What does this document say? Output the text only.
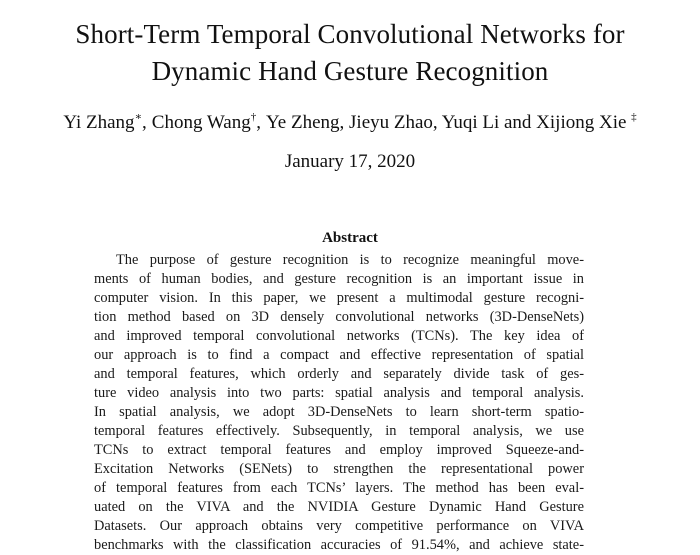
Short-Term Temporal Convolutional Networks for
Dynamic Hand Gesture Recognition
Yi Zhang∗, Chong Wang†, Ye Zheng, Jieyu Zhao, Yuqi Li and Xijiong Xie ‡
January 17, 2020
Abstract
The purpose of gesture recognition is to recognize meaningful move-
ments of human bodies, and gesture recognition is an important issue in
computer vision. In this paper, we present a multimodal gesture recogni-
tion method based on 3D densely convolutional networks (3D-DenseNets)
and improved temporal convolutional networks (TCNs). The key idea of
our approach is to find a compact and effective representation of spatial
and temporal features, which orderly and separately divide task of ges-
ture video analysis into two parts: spatial analysis and temporal analysis.
In spatial analysis, we adopt 3D-DenseNets to learn short-term spatio-
temporal features effectively. Subsequently, in temporal analysis, we use
TCNs to extract temporal features and employ improved Squeeze-and-
Excitation Networks (SENets) to strengthen the representational power
of temporal features from each TCNs’ layers. The method has been eval-
uated on the VIVA and the NVIDIA Gesture Dynamic Hand Gesture
Datasets. Our approach obtains very competitive performance on VIVA
benchmarks with the classification accuracies of 91.54%, and achieve state-
